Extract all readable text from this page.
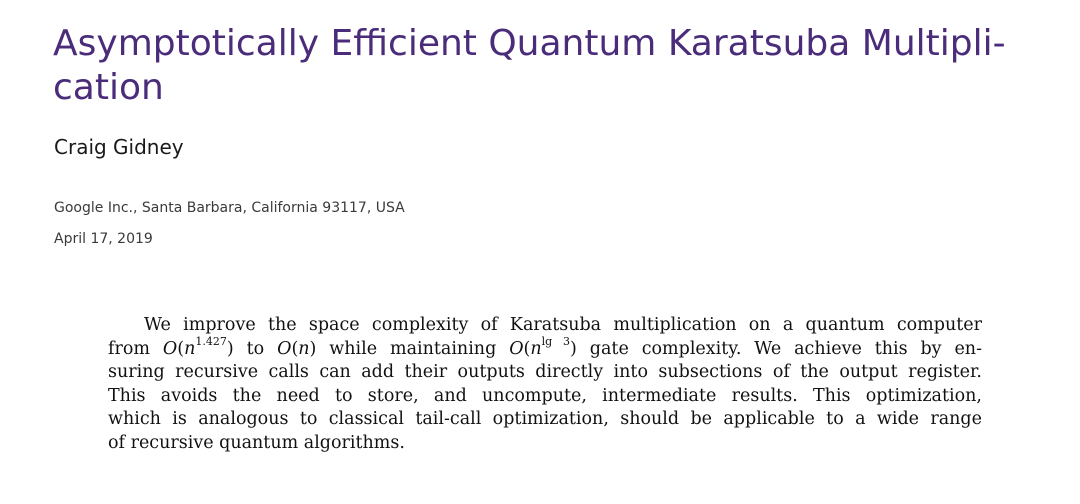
Asymptotically Efficient Quantum Karatsuba Multipli-
cation
Craig Gidney
Google Inc., Santa Barbara, California 93117, USA
April 17, 2019
We improve the space complexity of Karatsuba multiplication on a quantum computer
from $O(n^{1.427})$ to O(n) while maintaining $O(n^{lg 3})$ gate complexity. We achieve this by en-
suring recursive calls can add their outputs directly into subsections of the output register.
This avoids the need to store, and uncompute, intermediate results. This optimization,
which is analogous to classical tail-call optimization, should be applicable to a wide range
of recursive quantum algorithms.
